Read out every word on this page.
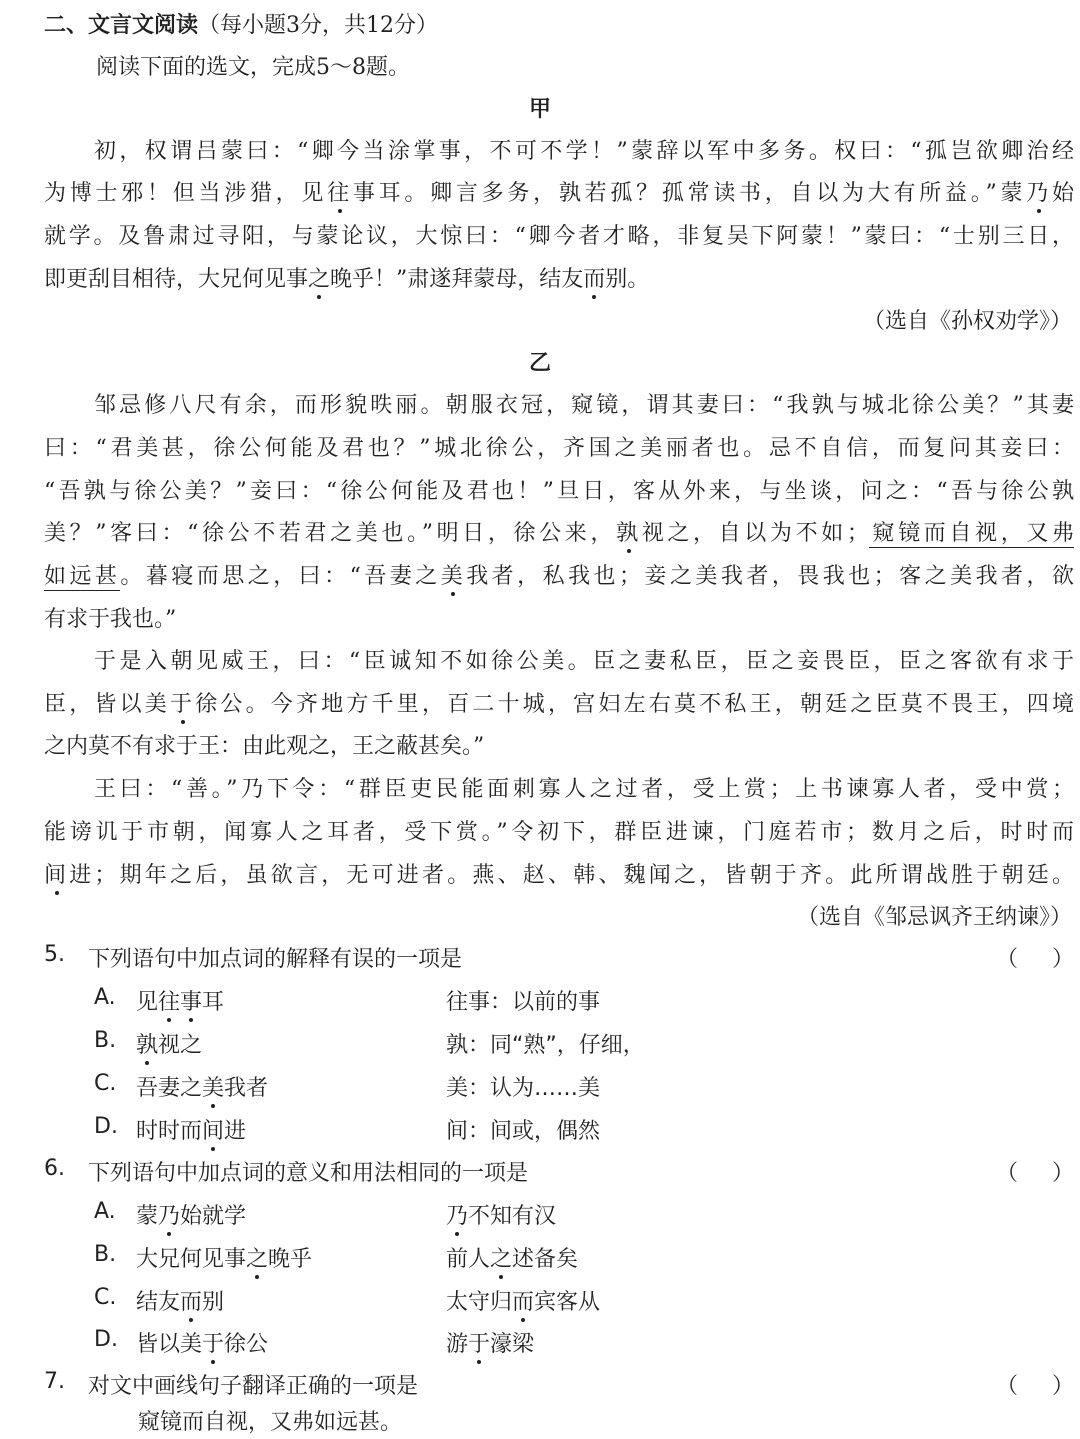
二、文言文阅读（每小题3分，共12分）
阅读下面的选文，完成5～8题。
甲
初，权谓吕蒙曰：“卿今当涂掌事，不可不学！”蒙辞以军中多务。权曰：“孤岂欲卿治经
为博士邪！但当涉猎，见往事耳。卿言多务，孰若孤？孤常读书，自以为大有所益。”蒙乃始
就学。及鲁肃过寻阳，与蒙论议，大惊曰：“卿今者才略，非复吴下阿蒙！”蒙曰：“士别三日，
即更刮目相待，大兄何见事之晚乎！”肃遂拜蒙母，结友而别。
（选自《孙权劝学》）
乙
邹忌修八尺有余，而形貌昳丽。朝服衣冠，窥镜，谓其妻曰：“我孰与城北徐公美？”其妻
曰：“君美甚，徐公何能及君也？”城北徐公，齐国之美丽者也。忌不自信，而复问其妾曰：
“吾孰与徐公美？”妾曰：“徐公何能及君也！”旦日，客从外来，与坐谈，问之：“吾与徐公孰
美？”客曰：“徐公不若君之美也。”明日，徐公来，孰视之，自以为不如；窥镜而自视，又弗
如远甚。暮寝而思之，曰：“吾妻之美我者，私我也；妾之美我者，畏我也；客之美我者，欲
有求于我也。”
于是入朝见威王，曰：“臣诚知不如徐公美。臣之妻私臣，臣之妾畏臣，臣之客欲有求于
臣，皆以美于徐公。今齐地方千里，百二十城，宫妇左右莫不私王，朝廷之臣莫不畏王，四境
之内莫不有求于王：由此观之，王之蔽甚矣。”
王曰：“善。”乃下令：“群臣吏民能面刺寡人之过者，受上赏；上书谏寡人者，受中赏；
能谤讥于市朝，闻寡人之耳者，受下赏。”令初下，群臣进谏，门庭若市；数月之后，时时而
间进；期年之后，虽欲言，无可进者。燕、赵、韩、魏闻之，皆朝于齐。此所谓战胜于朝廷。
（选自《邹忌讽齐王纳谏》）
5. 下列语句中加点词的解释有误的一项是	（ ）
A. 见往事耳	往事：以前的事
B. 孰视之	孰：同“熟”，仔细，
C. 吾妻之美我者	美：认为……美
D. 时时而间进	间：间或，偶然
6. 下列语句中加点词的意义和用法相同的一项是	（ ）
A. 蒙乃始就学	乃不知有汉
B. 大兄何见事之晚乎	前人之述备矣
C. 结友而别	太守归而宾客从
D. 皆以美于徐公	游于濠梁
7. 对文中画线句子翻译正确的一项是	（ ）
窥镜而自视，又弗如远甚。
